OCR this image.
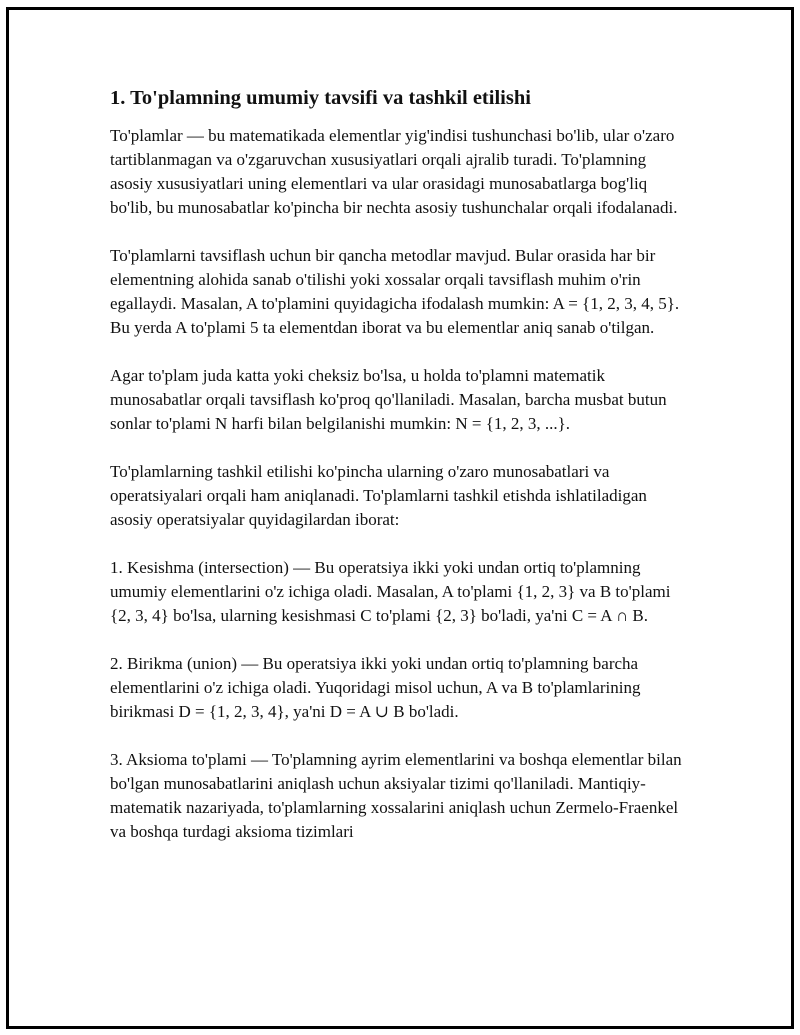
1. To'plamning umumiy tavsifi va tashkil etilishi

To'plamlar — bu matematikada elementlar yig'indisi tushunchasi bo'lib, ular o'zaro tartiblanmagan va o'zgaruvchan xususiyatlari orqali ajralib turadi. To'plamning asosiy xususiyatlari uning elementlari va ular orasidagi munosabatlarga bog'liq bo'lib, bu munosabatlar ko'pincha bir nechta asosiy tushunchalar orqali ifodalanadi.

To'plamlarni tavsiflash uchun bir qancha metodlar mavjud. Bular orasida har bir elementning alohida sanab o'tilishi yoki xossalar orqali tavsiflash muhim o'rin egallaydi. Masalan, A to'plamini quyidagicha ifodalash mumkin: A = {1, 2, 3, 4, 5}. Bu yerda A to'plami 5 ta elementdan iborat va bu elementlar aniq sanab o'tilgan.

Agar to'plam juda katta yoki cheksiz bo'lsa, u holda to'plamni matematik munosabatlar orqali tavsiflash ko'proq qo'llaniladi. Masalan, barcha musbat butun sonlar to'plami N harfi bilan belgilanishi mumkin: N = {1, 2, 3, ...}.

To'plamlarning tashkil etilishi ko'pincha ularning o'zaro munosabatlari va operatsiyalari orqali ham aniqlanadi. To'plamlarni tashkil etishda ishlatiladigan asosiy operatsiyalar quyidagilardan iborat:

1. Kesishma (intersection) — Bu operatsiya ikki yoki undan ortiq to'plamning umumiy elementlarini o'z ichiga oladi. Masalan, A to'plami {1, 2, 3} va B to'plami {2, 3, 4} bo'lsa, ularning kesishmasi C to'plami {2, 3} bo'ladi, ya'ni C = A ∩ B.

2. Birikma (union) — Bu operatsiya ikki yoki undan ortiq to'plamning barcha elementlarini o'z ichiga oladi. Yuqoridagi misol uchun, A va B to'plamlarining birikmasi D = {1, 2, 3, 4}, ya'ni D = A ∪ B bo'ladi.

3. Aksioma to'plami — To'plamning ayrim elementlarini va boshqa elementlar bilan bo'lgan munosabatlarini aniqlash uchun aksiyalar tizimi qo'llaniladi. Mantiqiy-matematik nazariyada, to'plamlarning xossalarini aniqlash uchun Zermelo-Fraenkel va boshqa turdagi aksioma tizimlari
